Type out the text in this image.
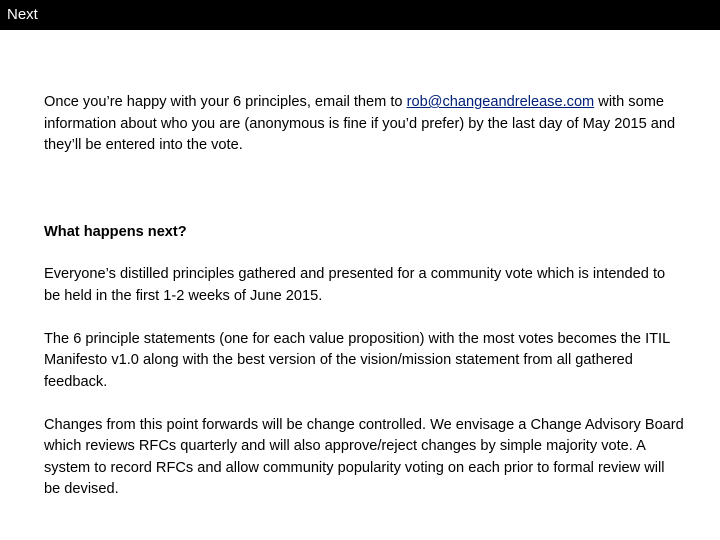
Next

Once you’re happy with your 6 principles, email them to rob@changeandrelease.com with some information about who you are (anonymous is fine if you’d prefer) by the last day of May 2015 and they’ll be entered into the vote.

What happens next?

Everyone’s distilled principles gathered and presented for a community vote which is intended to be held in the first 1-2 weeks of June 2015.

The 6 principle statements (one for each value proposition) with the most votes becomes the ITIL Manifesto v1.0 along with the best version of the vision/mission statement from all gathered feedback.

Changes from this point forwards will be change controlled. We envisage a Change Advisory Board which reviews RFCs quarterly and will also approve/reject changes by simple majority vote. A system to record RFCs and allow community popularity voting on each prior to formal review will be devised.
